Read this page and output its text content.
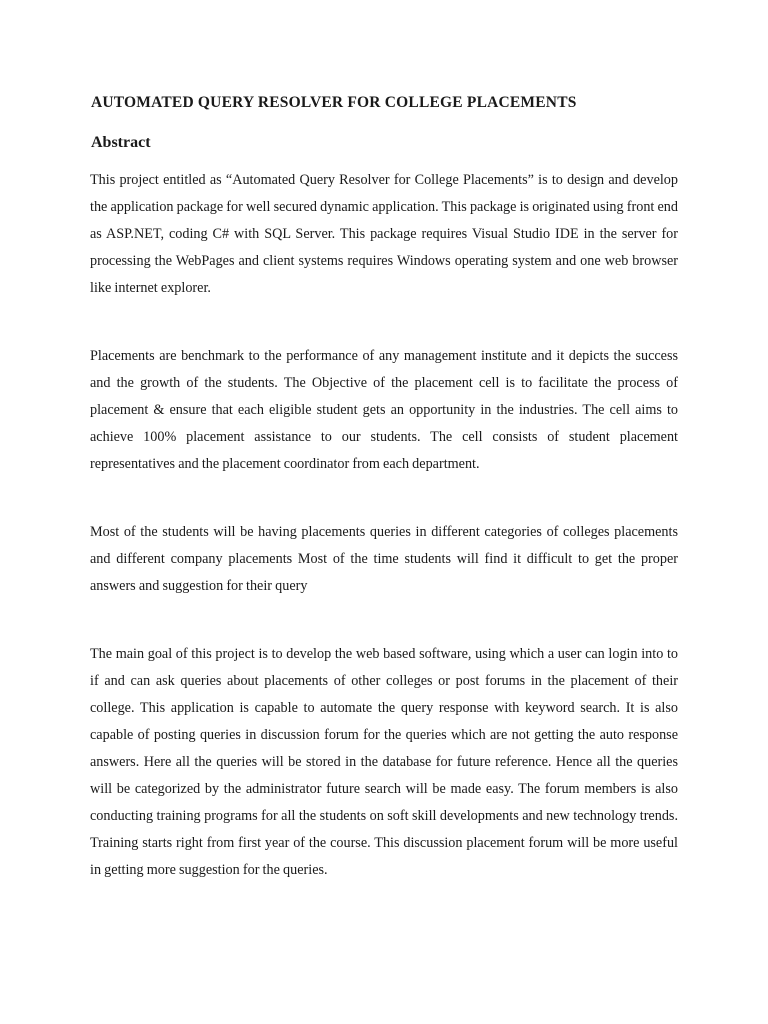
AUTOMATED QUERY RESOLVER FOR COLLEGE PLACEMENTS
Abstract

This project entitled as “Automated Query Resolver for College Placements” is to design and develop the application package for well secured dynamic application. This package is originated using front end as ASP.NET, coding C# with SQL Server. This package requires Visual Studio IDE in the server for processing the WebPages and client systems requires Windows operating system and one web browser like internet explorer.

Placements are benchmark to the performance of any management institute and it depicts the success and the growth of the students. The Objective of the placement cell is to facilitate the process of placement & ensure that each eligible student gets an opportunity in the industries. The cell aims to achieve 100% placement assistance to our students. The cell consists of student placement representatives and the placement coordinator from each department.

Most of the students will be having placements queries in different categories of colleges placements and different company placements Most of the time students will find it difficult to get the proper answers and suggestion for their query

The main goal of this project is to develop the web based software, using which a user can login into to if and can ask queries about placements of other colleges or post forums in the placement of their college. This application is capable to automate the query response with keyword search. It is also capable of posting queries in discussion forum for the queries which are not getting the auto response answers. Here all the queries will be stored in the database for future reference. Hence all the queries will be categorized by the administrator future search will be made easy. The forum members is also conducting training programs for all the students on soft skill developments and new technology trends. Training starts right from first year of the course. This discussion placement forum will be more useful in getting more suggestion for the queries.
